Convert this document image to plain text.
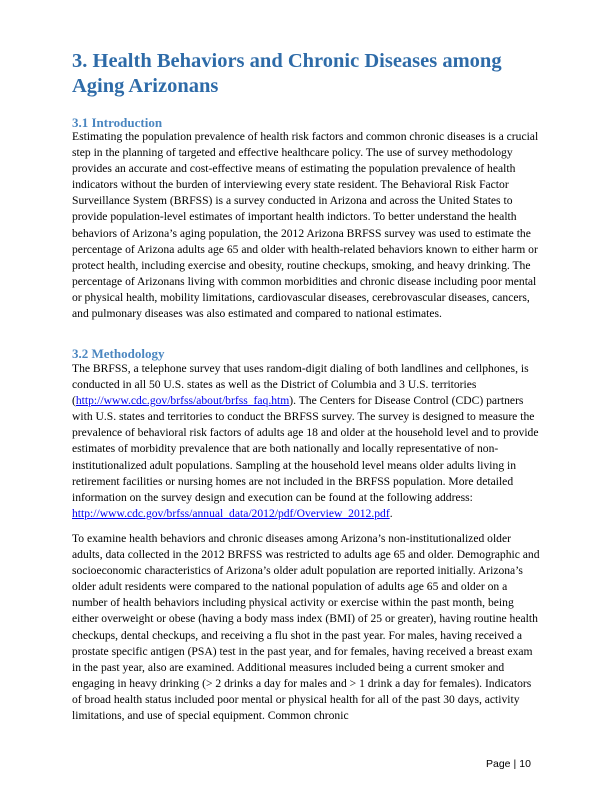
3. Health Behaviors and Chronic Diseases among Aging Arizonans
3.1 Introduction

Estimating the population prevalence of health risk factors and common chronic diseases is a crucial step in the planning of targeted and effective healthcare policy. The use of survey methodology provides an accurate and cost-effective means of estimating the population prevalence of health indicators without the burden of interviewing every state resident. The Behavioral Risk Factor Surveillance System (BRFSS) is a survey conducted in Arizona and across the United States to provide population-level estimates of important health indictors. To better understand the health behaviors of Arizona’s aging population, the 2012 Arizona BRFSS survey was used to estimate the percentage of Arizona adults age 65 and older with health-related behaviors known to either harm or protect health, including exercise and obesity, routine checkups, smoking, and heavy drinking. The percentage of Arizonans living with common morbidities and chronic disease including poor mental or physical health, mobility limitations, cardiovascular diseases, cerebrovascular diseases, cancers, and pulmonary diseases was also estimated and compared to national estimates.

3.2 Methodology

The BRFSS, a telephone survey that uses random-digit dialing of both landlines and cellphones, is conducted in all 50 U.S. states as well as the District of Columbia and 3 U.S. territories (http://www.cdc.gov/brfss/about/brfss_faq.htm). The Centers for Disease Control (CDC) partners with U.S. states and territories to conduct the BRFSS survey. The survey is designed to measure the prevalence of behavioral risk factors of adults age 18 and older at the household level and to provide estimates of morbidity prevalence that are both nationally and locally representative of non-institutionalized adult populations. Sampling at the household level means older adults living in retirement facilities or nursing homes are not included in the BRFSS population. More detailed information on the survey design and execution can be found at the following address: http://www.cdc.gov/brfss/annual_data/2012/pdf/Overview_2012.pdf.

To examine health behaviors and chronic diseases among Arizona’s non-institutionalized older adults, data collected in the 2012 BRFSS was restricted to adults age 65 and older. Demographic and socioeconomic characteristics of Arizona’s older adult population are reported initially. Arizona’s older adult residents were compared to the national population of adults age 65 and older on a number of health behaviors including physical activity or exercise within the past month, being either overweight or obese (having a body mass index (BMI) of 25 or greater), having routine health checkups, dental checkups, and receiving a flu shot in the past year. For males, having received a prostate specific antigen (PSA) test in the past year, and for females, having received a breast exam in the past year, also are examined. Additional measures included being a current smoker and engaging in heavy drinking (> 2 drinks a day for males and > 1 drink a day for females). Indicators of broad health status included poor mental or physical health for all of the past 30 days, activity limitations, and use of special equipment. Common chronic

Page | 10
